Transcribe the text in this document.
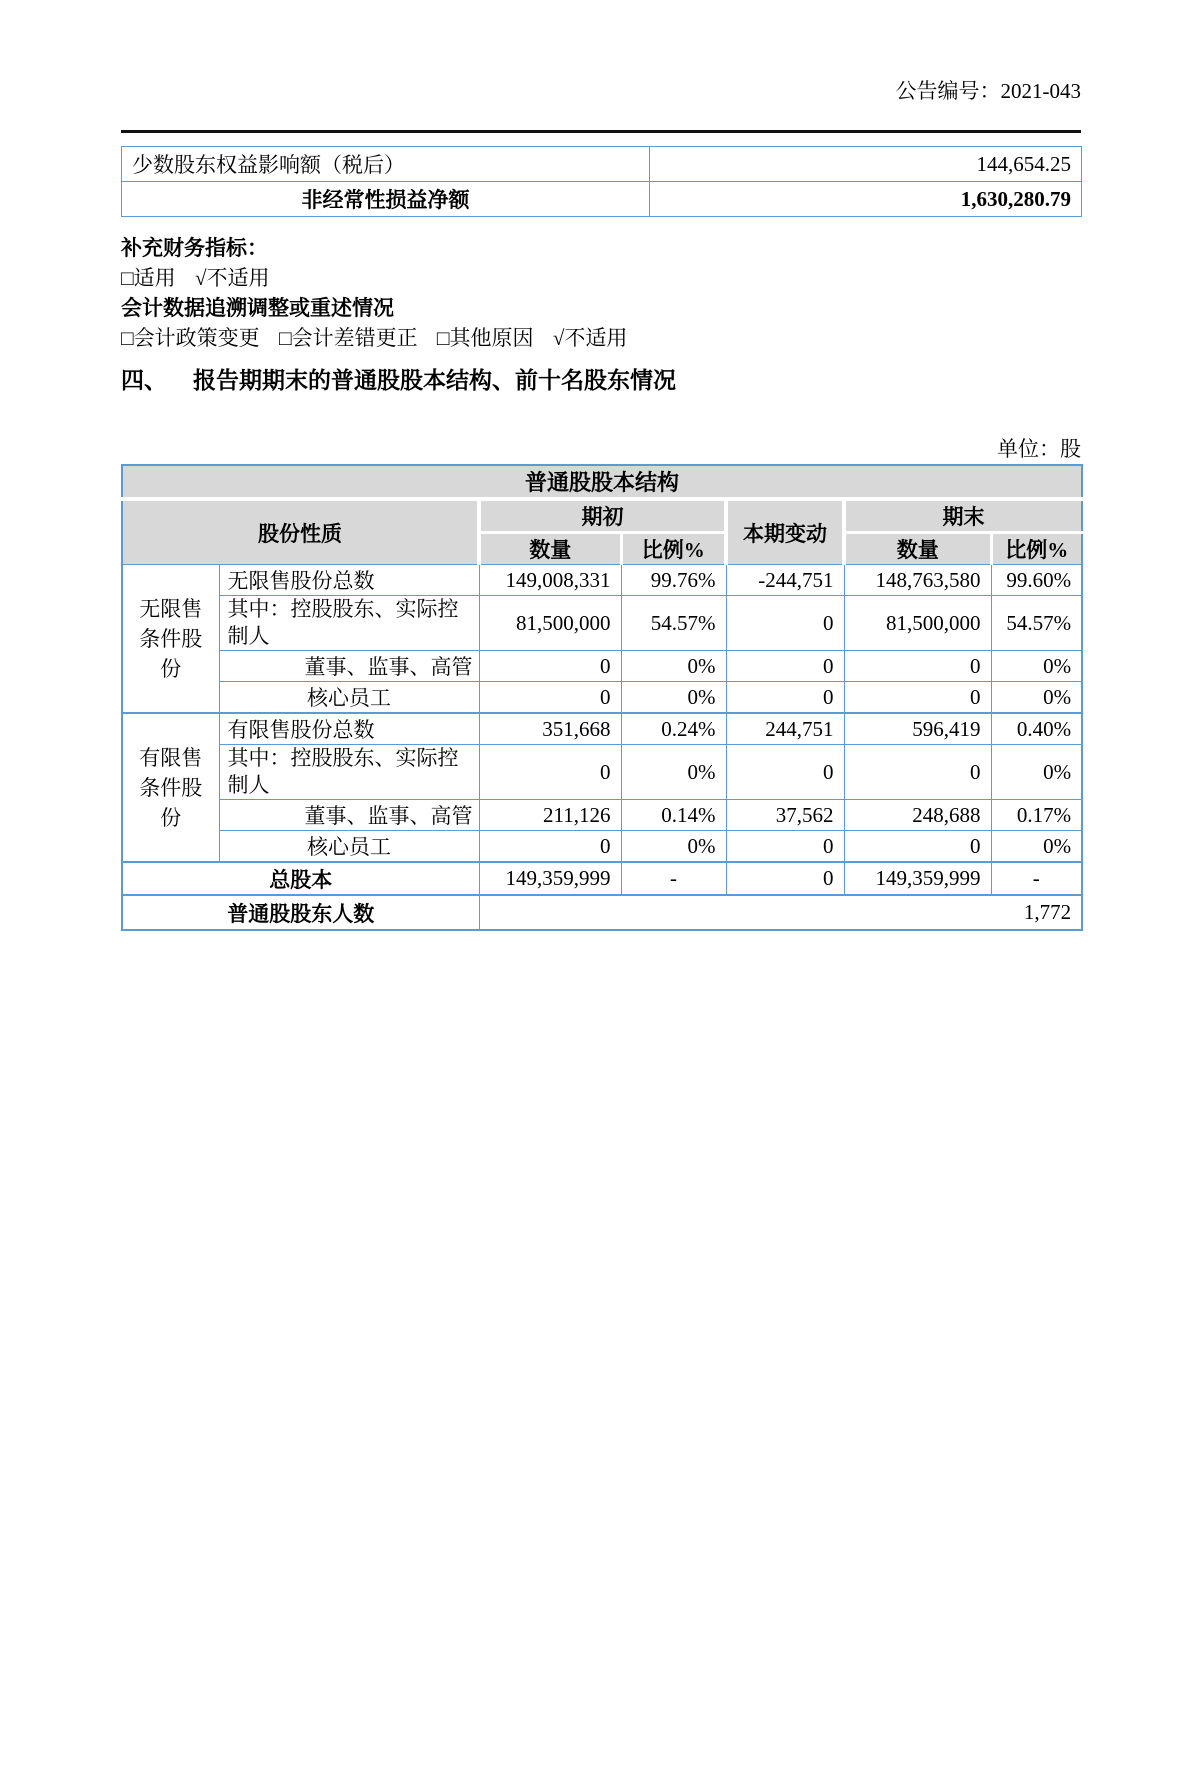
公告编号：2021-043
少数股东权益影响额（税后）	144,654.25
非经常性损益净额	1,630,280.79
补充财务指标：
□适用 √不适用
会计数据追溯调整或重述情况
□会计政策变更 □会计差错更正 □其他原因 √不适用
四、 报告期期末的普通股股本结构、前十名股东情况
单位：股
普通股股本结构						
股份性质		期初		本期变动	期末	
		数量	比例%		数量	比例%

无限售条件股份	无限售股份总数	149,008,331	99.76%	-244,751	148,763,580	99.60%
	其中：控股股东、实际控制人	81,500,000	54.57%	0	81,500,000	54.57%
	董事、监事、高管	0	0%	0	0	0%
	核心员工	0	0%	0	0	0%

有限售条件股份	有限售股份总数	351,668	0.24%	244,751	596,419	0.40%
	其中：控股股东、实际控制人	0	0%	0	0	0%
	董事、监事、高管	211,126	0.14%	37,562	248,688	0.17%
	核心员工	0	0%	0	0	0%
总股本		149,359,999	-	0	149,359,999	-
普通股股东人数		1,772				
